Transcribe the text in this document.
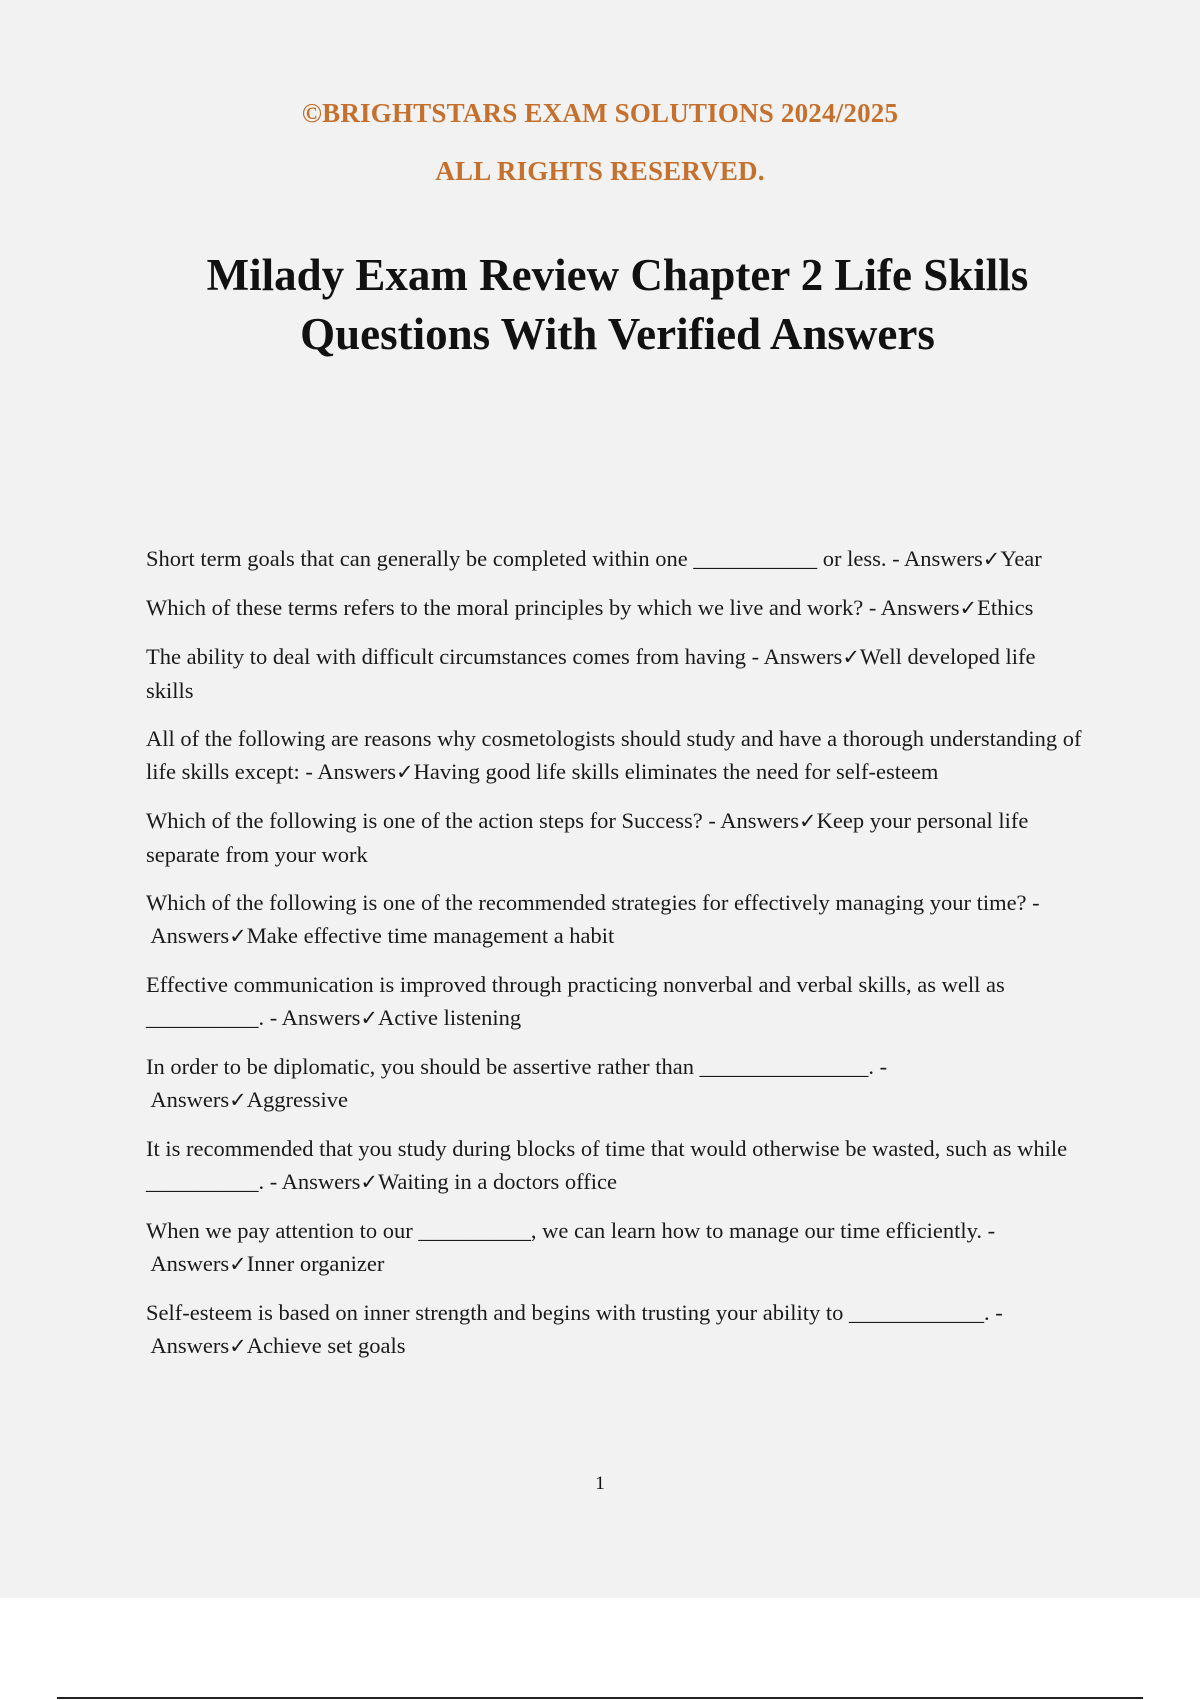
©BRIGHTSTARS EXAM SOLUTIONS 2024/2025
ALL RIGHTS RESERVED.
Milady Exam Review Chapter 2 Life Skills
Questions With Verified Answers

Short term goals that can generally be completed within one ___________ or less. - Answers✓Year

Which of these terms refers to the moral principles by which we live and work? - Answers✓Ethics

The ability to deal with difficult circumstances comes from having - Answers✓Well developed life skills

All of the following are reasons why cosmetologists should study and have a thorough understanding of life skills except: - Answers✓Having good life skills eliminates the need for self-esteem

Which of the following is one of the action steps for Success? - Answers✓Keep your personal life separate from your work

Which of the following is one of the recommended strategies for effectively managing your time? - Answers✓Make effective time management a habit

Effective communication is improved through practicing nonverbal and verbal skills, as well as __________. - Answers✓Active listening

In order to be diplomatic, you should be assertive rather than _______________. - Answers✓Aggressive

It is recommended that you study during blocks of time that would otherwise be wasted, such as while __________. - Answers✓Waiting in a doctors office

When we pay attention to our __________, we can learn how to manage our time efficiently. - Answers✓Inner organizer

Self-esteem is based on inner strength and begins with trusting your ability to ____________. - Answers✓Achieve set goals

1
